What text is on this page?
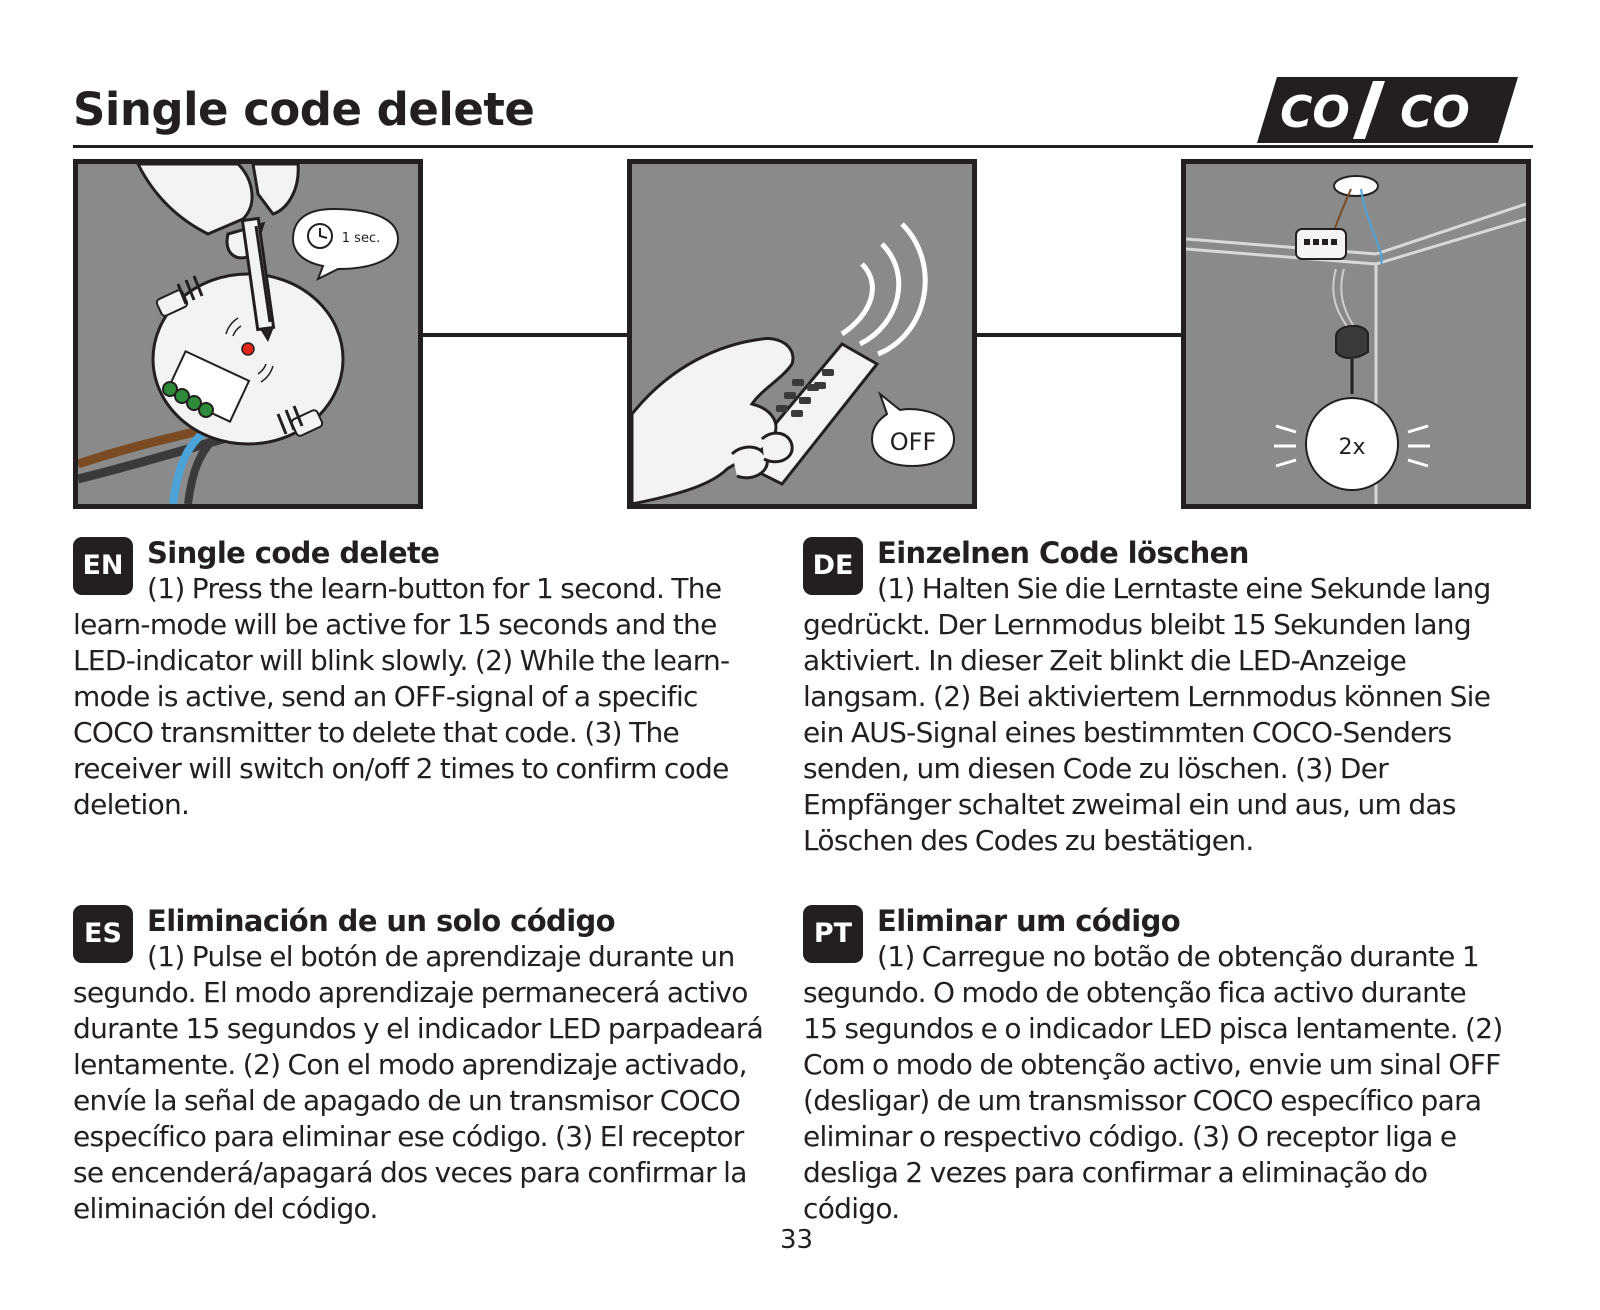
Single code delete	CO CO
1 sec.
OFF	2x
EN Single code delete
(1) Press the learn-button for 1 second. The learn-mode will be active for 15 seconds and the LED-indicator will blink slowly. (2) While the learn-mode is active, send an OFF-signal of a specific COCO transmitter to delete that code. (3) The receiver will switch on/off 2 times to confirm code deletion.
DE Einzelnen Code löschen
(1) Halten Sie die Lerntaste eine Sekunde lang gedrückt. Der Lernmodus bleibt 15 Sekunden lang aktiviert. In dieser Zeit blinkt die LED-Anzeige langsam. (2) Bei aktiviertem Lernmodus können Sie ein AUS-Signal eines bestimmten COCO-Senders senden, um diesen Code zu löschen. (3) Der Empfänger schaltet zweimal ein und aus, um das Löschen des Codes zu bestätigen.
ES Eliminación de un solo código
(1) Pulse el botón de aprendizaje durante un segundo. El modo aprendizaje permanecerá activo durante 15 segundos y el indicador LED parpadeará lentamente. (2) Con el modo aprendizaje activado, envíe la señal de apagado de un transmisor COCO específico para eliminar ese código. (3) El receptor se encenderá/apagará dos veces para confirmar la eliminación del código.
PT Eliminar um código
(1) Carregue no botão de obtenção durante 1 segundo. O modo de obtenção fica activo durante 15 segundos e o indicador LED pisca lentamente. (2) Com o modo de obtenção activo, envie um sinal OFF (desligar) de um transmissor COCO específico para eliminar o respectivo código. (3) O receptor liga e desliga 2 vezes para confirmar a eliminação do código.
33
